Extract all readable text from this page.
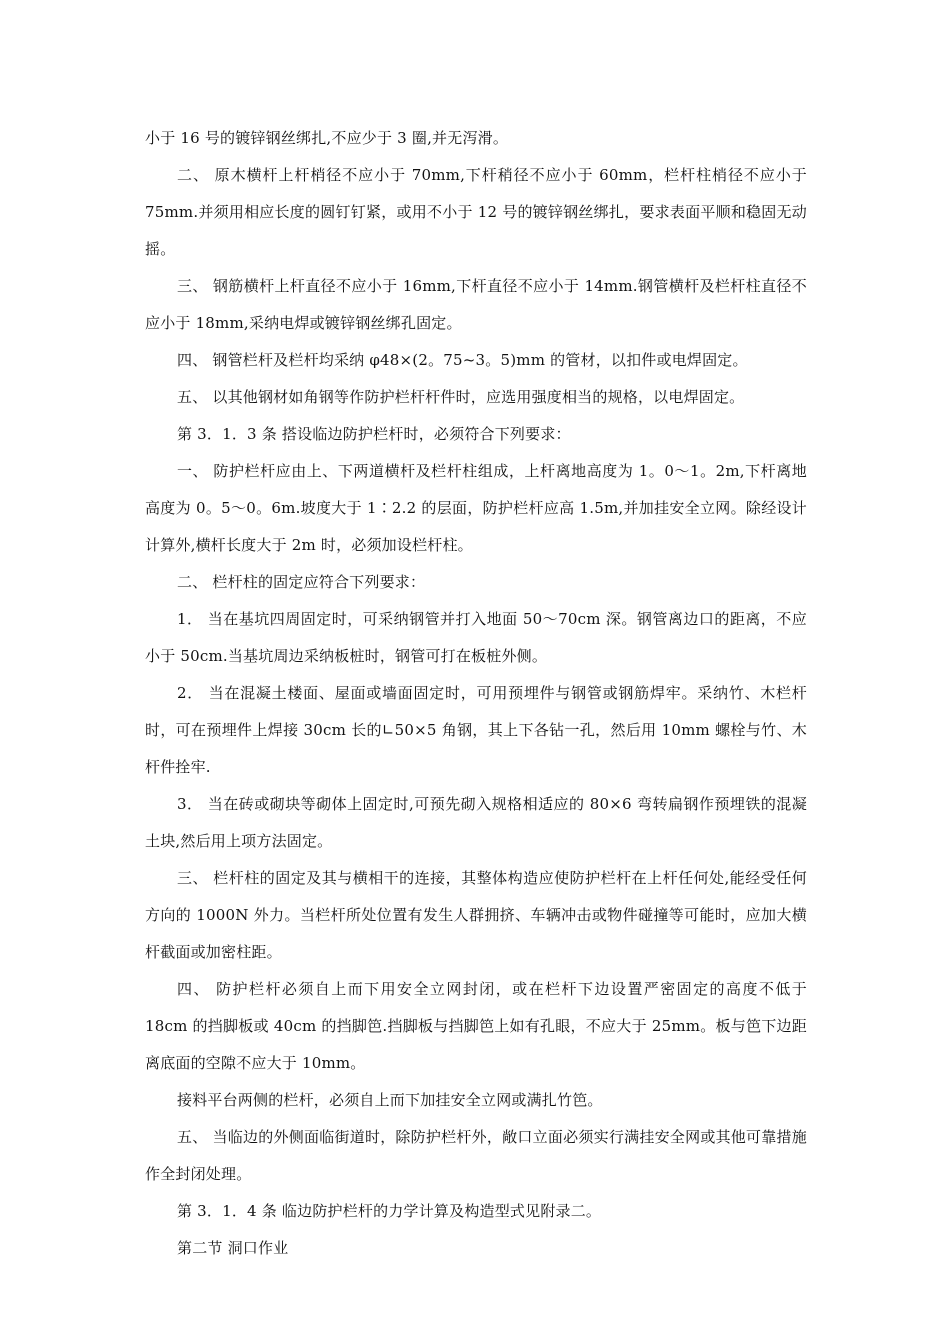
小于 16 号的镀锌钢丝绑扎,不应少于 3 圈,并无泻滑。

二、 原木横杆上杆梢径不应小于 70mm,下杆稍径不应小于 60mm，栏杆柱梢径不应小于 75mm.并须用相应长度的圆钉钉紧，或用不小于 12 号的镀锌钢丝绑扎，要求表面平顺和稳固无动摇。

三、 钢筋横杆上杆直径不应小于 16mm,下杆直径不应小于 14mm.钢管横杆及栏杆柱直径不应小于 18mm,采纳电焊或镀锌钢丝绑孔固定。

四、 钢管栏杆及栏杆均采纳 φ48×(2。75~3。5)mm 的管材，以扣件或电焊固定。

五、 以其他钢材如角钢等作防护栏杆杆件时，应选用强度相当的规格，以电焊固定。

第 3．1．3 条 搭设临边防护栏杆时，必须符合下列要求：

一、 防护栏杆应由上、下两道横杆及栏杆柱组成，上杆离地高度为 1。0～1。2m,下杆离地高度为 0。5～0。6m.坡度大于 1∶2.2 的层面，防护栏杆应高 1.5m,并加挂安全立网。除经设计计算外,横杆长度大于 2m 时，必须加设栏杆柱。

二、 栏杆柱的固定应符合下列要求：

1． 当在基坑四周固定时，可采纳钢管并打入地面 50～70cm 深。钢管离边口的距离，不应小于 50cm.当基坑周边采纳板桩时，钢管可打在板桩外侧。

2． 当在混凝土楼面、屋面或墙面固定时，可用预埋件与钢管或钢筋焊牢。采纳竹、木栏杆时，可在预埋件上焊接 30cm 长的∟50×5 角钢，其上下各钻一孔，然后用 10mm 螺栓与竹、木杆件拴牢.

3． 当在砖或砌块等砌体上固定时,可预先砌入规格相适应的 80×6 弯转扁钢作预埋铁的混凝土块,然后用上项方法固定。

三、 栏杆柱的固定及其与横相干的连接，其整体构造应使防护栏杆在上杆任何处,能经受任何方向的 1000N 外力。当栏杆所处位置有发生人群拥挤、车辆冲击或物件碰撞等可能时，应加大横杆截面或加密柱距。

四、 防护栏杆必须自上而下用安全立网封闭，或在栏杆下边设置严密固定的高度不低于 18cm 的挡脚板或 40cm 的挡脚笆.挡脚板与挡脚笆上如有孔眼，不应大于 25mm。板与笆下边距离底面的空隙不应大于 10mm。

接料平台两侧的栏杆，必须自上而下加挂安全立网或满扎竹笆。

五、 当临边的外侧面临街道时，除防护栏杆外，敞口立面必须实行满挂安全网或其他可靠措施作全封闭处理。

第 3．1．4 条 临边防护栏杆的力学计算及构造型式见附录二。

第二节 洞口作业
